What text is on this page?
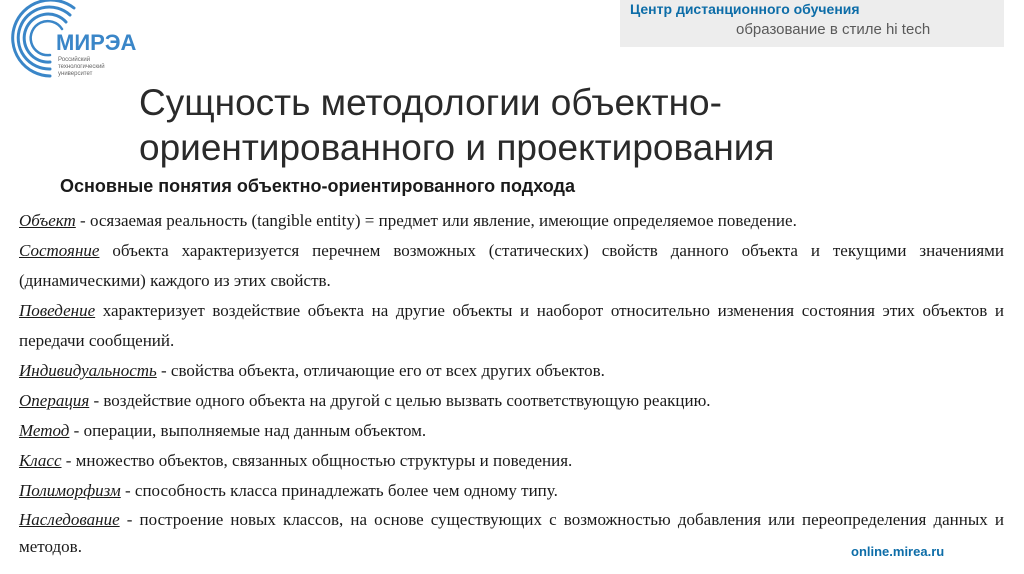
Центр дистанционного обучения
образование в стиле hi tech
МИРЭА
Российский
технологический
университет
Сущность методологии объектно-ориентированного и проектирования
Основные понятия объектно-ориентированного подхода

Объект - осязаемая реальность (tangible entity) = предмет или явление, имеющие определяемое поведение.

Состояние объекта характеризуется перечнем возможных (статических) свойств данного объекта и текущими значениями (динамическими) каждого из этих свойств.

Поведение характеризует воздействие объекта на другие объекты и наоборот относительно изменения состояния этих объектов и передачи сообщений.

Индивидуальность - свойства объекта, отличающие его от всех других объектов.

Операция - воздействие одного объекта на другой с целью вызвать соответствующую реакцию.

Метод - операции, выполняемые над данным объектом.

Класс - множество объектов, связанных общностью структуры и поведения.

Полиморфизм - способность класса принадлежать более чем одному типу.

Наследование - построение новых классов, на основе существующих с возможностью добавления или переопределения данных и методов.	online.mirea.ru
